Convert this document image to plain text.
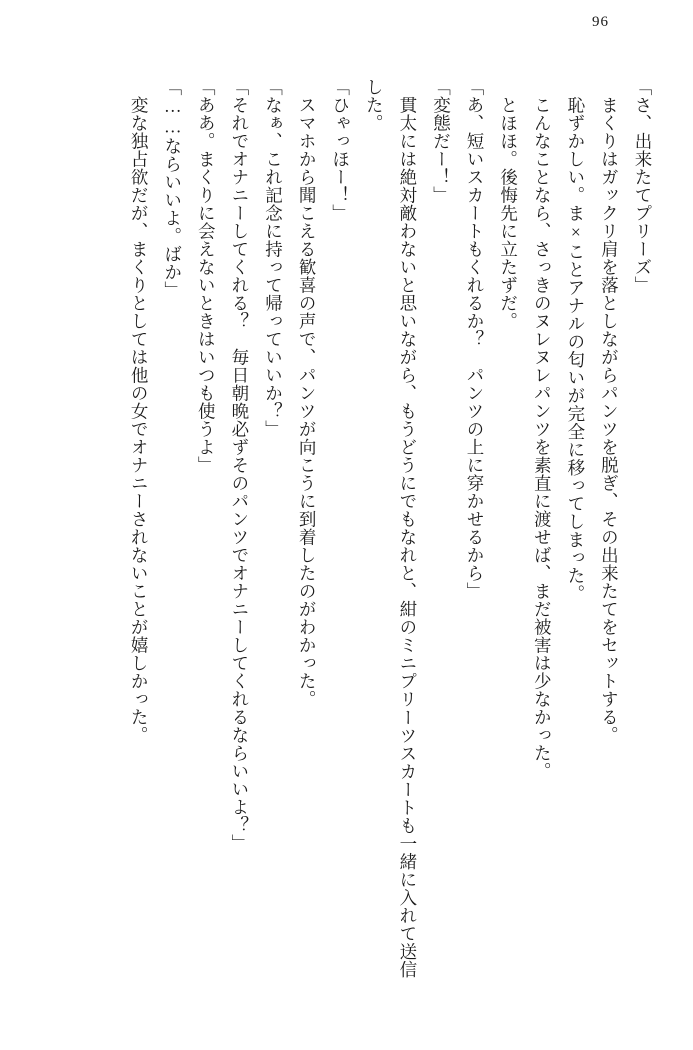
96

「さ、出来たてプリーズ」

まくりはガックリ肩を落としながらパンツを脱ぎ、その出来たてをセットする。

恥ずかしい。ま×ことアナルの匂いが完全に移ってしまった。

こんなことなら、さっきのヌレヌレパンツを素直に渡せば、まだ被害は少なかった。

とほほ。後悔先に立たずだ。

「あ、短いスカートもくれるか？　パンツの上に穿かせるから」

「変態だー！」

貫太には絶対敵わないと思いながら、もうどうにでもなれと、紺のミニプリーツスカートも一緒に入れて送信した。

「ひゃっほー！」

スマホから聞こえる歓喜の声で、パンツが向こうに到着したのがわかった。

「なぁ、これ記念に持って帰っていいか？」

「それでオナニーしてくれる？　毎日朝晩必ずそのパンツでオナニーしてくれるならいいよ？」

「ああ。まくりに会えないときはいつも使うよ」

「……ならいいよ。ばか」

変な独占欲だが、まくりとしては他の女でオナニーされないことが嬉しかった。
